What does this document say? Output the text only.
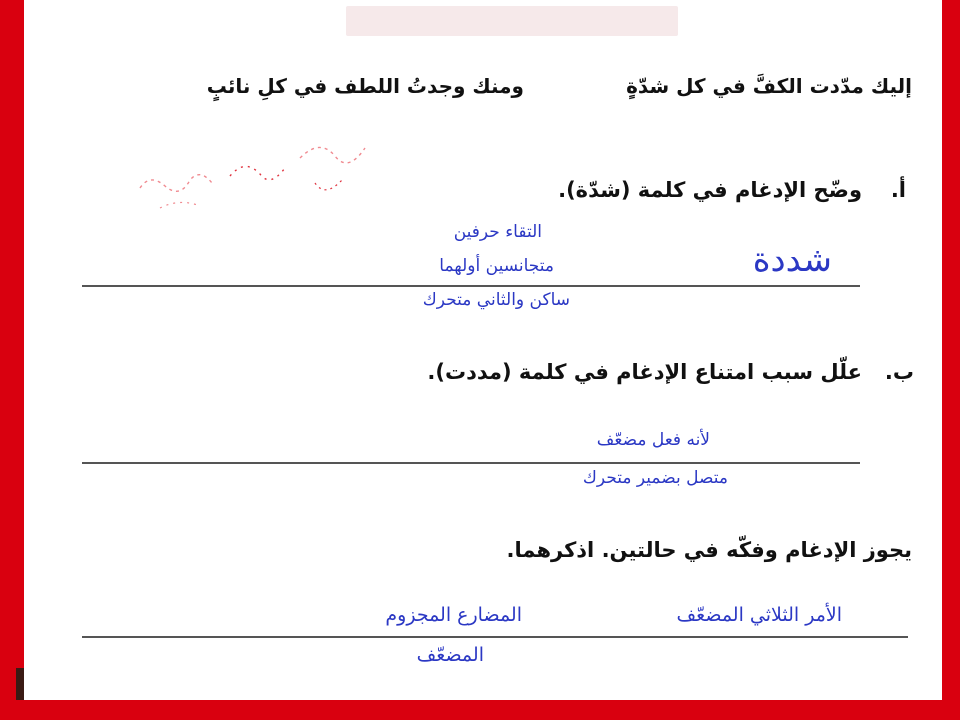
إليك مدّدت الكفَّ في كل شدّةٍ
ومنك وجدتُ اللطف في كلِ نائبٍ
أ.
وضّح الإدغام في كلمة (شدّة).
شددة
التقاء حرفين
متجانسين أولهما
ساكن والثاني متحرك
ب.
علّل سبب امتناع الإدغام في كلمة (مددت).
لأنه فعل مضعّف
متصل بضمير متحرك
يجوز الإدغام وفكّه في حالتين. اذكرهما.
الأمر الثلاثي المضعّف
المضارع المجزوم
المضعّف
